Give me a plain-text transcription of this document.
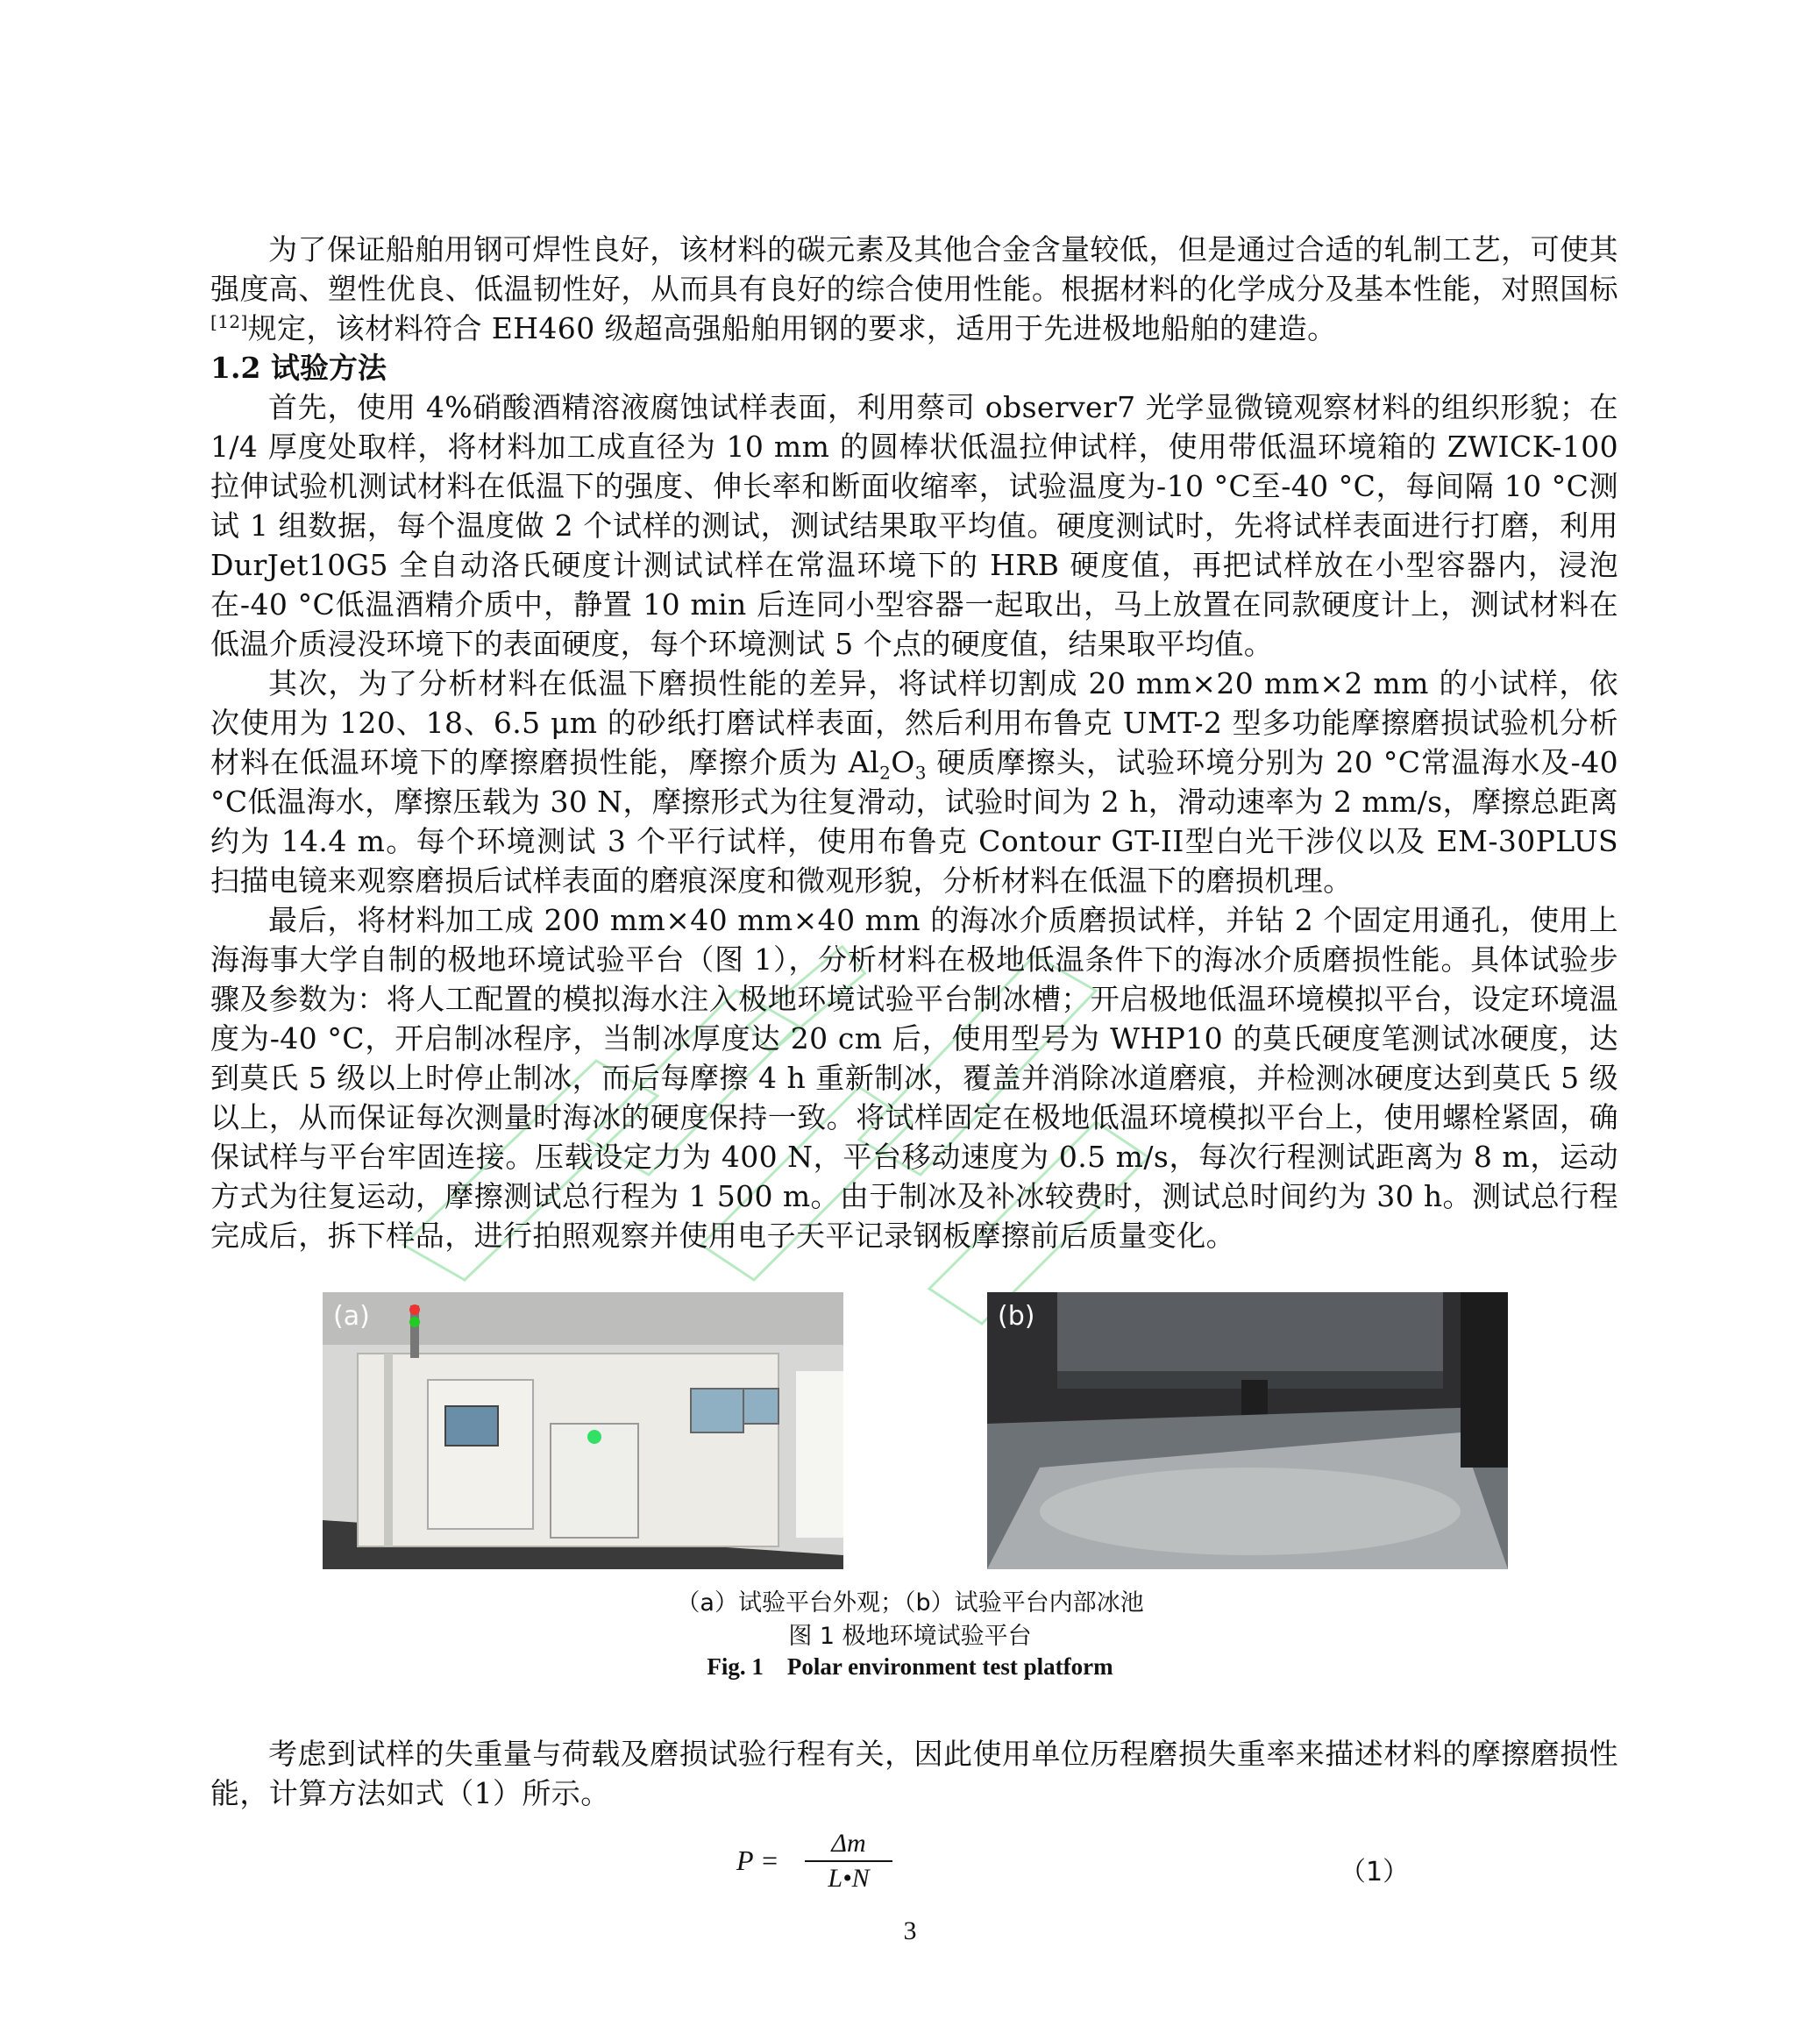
为了保证船舶用钢可焊性良好，该材料的碳元素及其他合金含量较低，但是通过合适的轧制工艺，可使其强度高、塑性优良、低温韧性好，从而具有良好的综合使用性能。根据材料的化学成分及基本性能，对照国标[12]规定，该材料符合 EH460 级超高强船舶用钢的要求，适用于先进极地船舶的建造。

1.2 试验方法

首先，使用 4%硝酸酒精溶液腐蚀试样表面，利用蔡司 observer7 光学显微镜观察材料的组织形貌；在 1/4 厚度处取样，将材料加工成直径为 10 mm 的圆棒状低温拉伸试样，使用带低温环境箱的 ZWICK-100 拉伸试验机测试材料在低温下的强度、伸长率和断面收缩率，试验温度为-10 °C至-40 °C，每间隔 10 °C测试 1 组数据，每个温度做 2 个试样的测试，测试结果取平均值。硬度测试时，先将试样表面进行打磨，利用 DurJet10G5 全自动洛氏硬度计测试试样在常温环境下的 HRB 硬度值，再把试样放在小型容器内，浸泡在-40 °C低温酒精介质中，静置 10 min 后连同小型容器一起取出，马上放置在同款硬度计上，测试材料在低温介质浸没环境下的表面硬度，每个环境测试 5 个点的硬度值，结果取平均值。

其次，为了分析材料在低温下磨损性能的差异，将试样切割成 20 mm×20 mm×2 mm 的小试样，依次使用为 120、18、6.5 μm 的砂纸打磨试样表面，然后利用布鲁克 UMT-2 型多功能摩擦磨损试验机分析材料在低温环境下的摩擦磨损性能，摩擦介质为 $Al_2O_3$ 硬质摩擦头，试验环境分别为 20 °C常温海水及-40 °C低温海水，摩擦压载为 30 N，摩擦形式为往复滑动，试验时间为 2 h，滑动速率为 2 mm/s，摩擦总距离约为 14.4 m。每个环境测试 3 个平行试样，使用布鲁克 Contour GT-II型白光干涉仪以及 EM-30PLUS 扫描电镜来观察磨损后试样表面的磨痕深度和微观形貌，分析材料在低温下的磨损机理。

最后，将材料加工成 200 mm×40 mm×40 mm 的海冰介质磨损试样，并钻 2 个固定用通孔，使用上海海事大学自制的极地环境试验平台（图 1），分析材料在极地低温条件下的海冰介质磨损性能。具体试验步骤及参数为：将人工配置的模拟海水注入极地环境试验平台制冰槽；开启极地低温环境模拟平台，设定环境温度为-40 °C，开启制冰程序，当制冰厚度达 20 cm 后，使用型号为 WHP10 的莫氏硬度笔测试冰硬度，达到莫氏 5 级以上时停止制冰，而后每摩擦 4 h 重新制冰，覆盖并消除冰道磨痕，并检测冰硬度达到莫氏 5 级以上，从而保证每次测量时海冰的硬度保持一致。将试样固定在极地低温环境模拟平台上，使用螺栓紧固，确保试样与平台牢固连接。压载设定力为 400 N，平台移动速度为 0.5 m/s，每次行程测试距离为 8 m，运动方式为往复运动，摩擦测试总行程为 1 500 m。由于制冰及补冰较费时，测试总时间约为 30 h。测试总行程完成后，拆下样品，进行拍照观察并使用电子天平记录钢板摩擦前后质量变化。

(a)	(b)

（a）试验平台外观；（b）试验平台内部冰池

图 1 极地环境试验平台

Fig. 1 Polar environment test platform

考虑到试样的失重量与荷载及磨损试验行程有关，因此使用单位历程磨损失重率来描述材料的摩擦磨损性能，计算方法如式（1）所示。

P =
Δm
L•N	（1）
3
